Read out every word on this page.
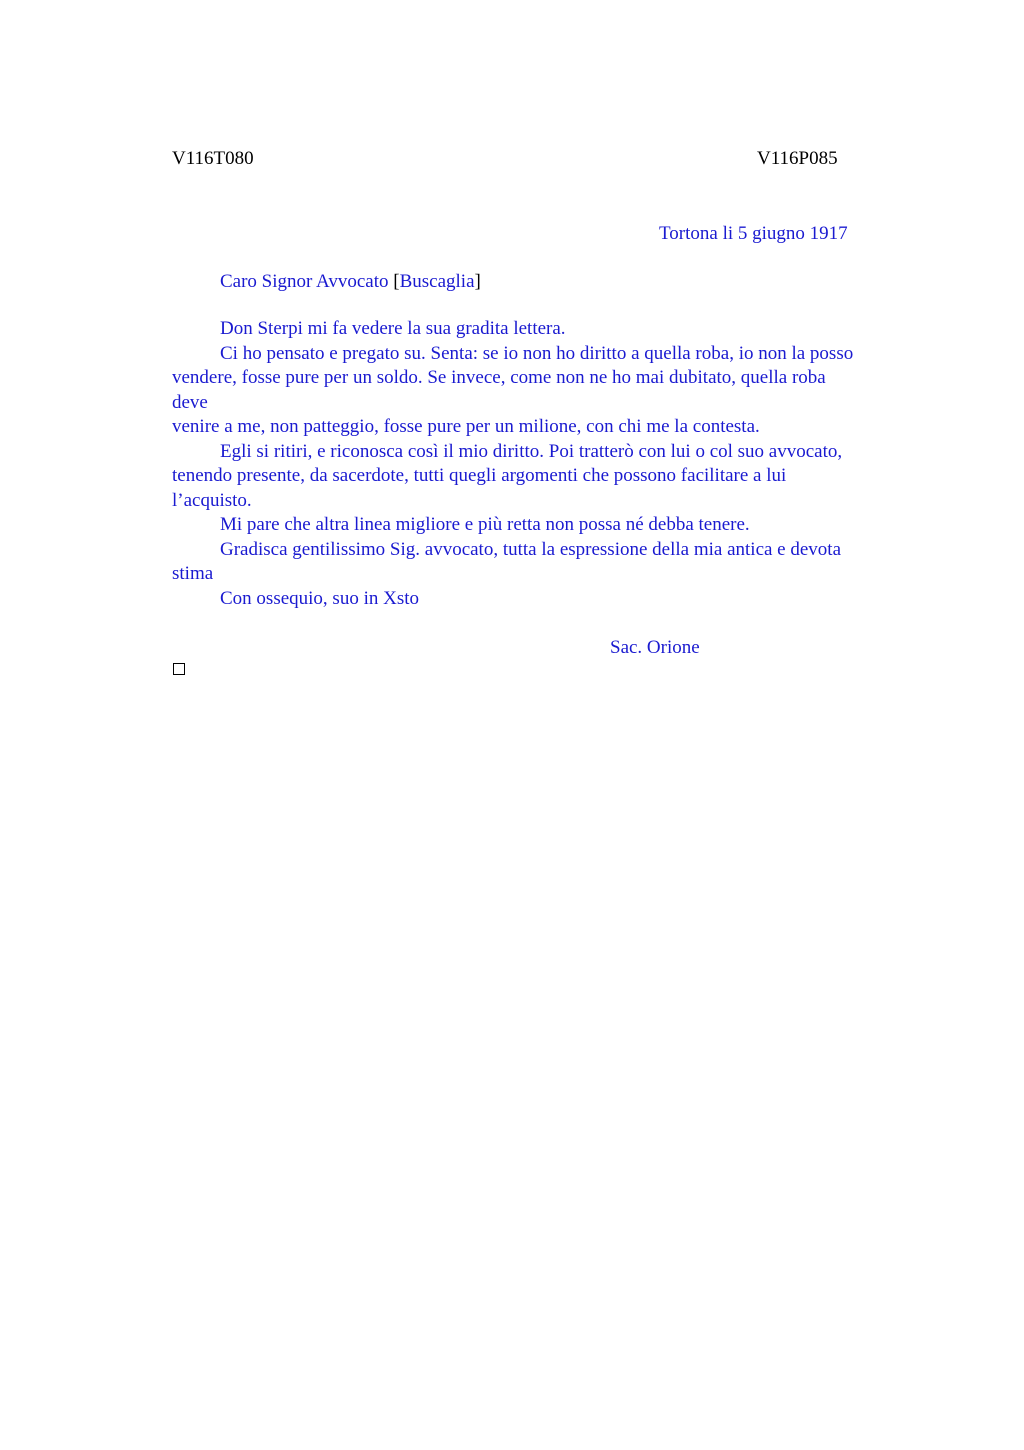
V116T080	V116P085
Tortona li 5 giugno 1917
Caro Signor Avvocato [Buscaglia]
Don Sterpi mi fa vedere la sua gradita lettera.
Ci ho pensato e pregato su. Senta: se io non ho diritto a quella roba, io non la posso
vendere, fosse pure per un soldo. Se invece, come non ne ho mai dubitato, quella roba
deve
venire a me, non patteggio, fosse pure per un milione, con chi me la contesta.
Egli si ritiri, e riconosca così il mio diritto. Poi tratterò con lui o col suo avvocato,
tenendo presente, da sacerdote, tutti quegli argomenti che possono facilitare a lui
l’acquisto.
Mi pare che altra linea migliore e più retta non possa né debba tenere.
Gradisca gentilissimo Sig. avvocato, tutta la espressione della mia antica e devota
stima
Con ossequio, suo in Xsto
Sac. Orione
